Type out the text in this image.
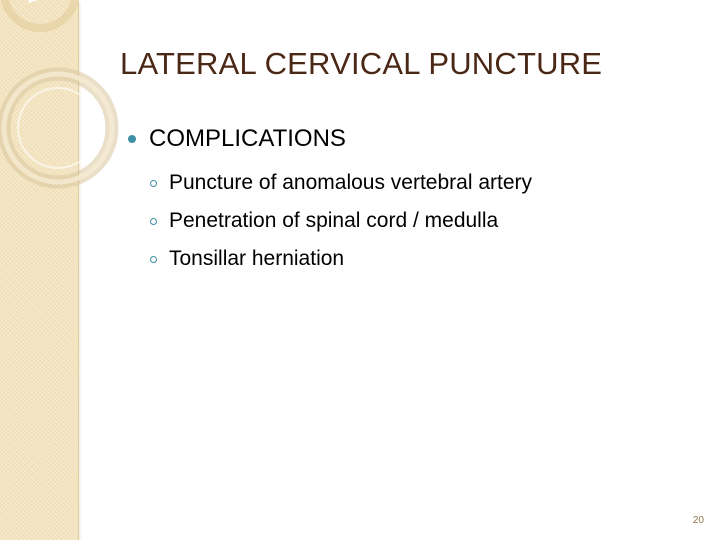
LATERAL CERVICAL PUNCTURE
COMPLICATIONS
Puncture of anomalous vertebral artery
Penetration of spinal cord / medulla
Tonsillar herniation
20
